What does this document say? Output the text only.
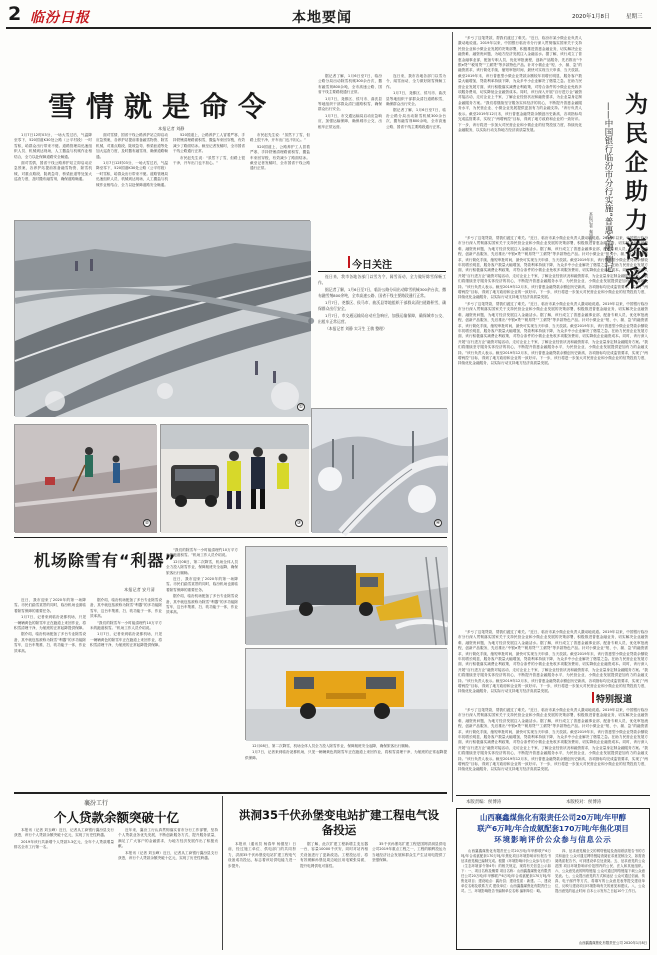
2 临汾日报	本地要闻	2020年1月8日	星期三
雪情就是命令
本报记者 刘静

1月7日12时03分，一场大雪过后，气温降至零下，520国道K30处公路（公平村段）一时雪积，给群众出行带来不便。道路管理局迅速组织人员、机械到达现场，人工撒盐与机械作业相结合，全力以赴保障道路安全畅通。

面对雪情，国省干线公路养护站立即启动应急预案，各养护站提前准备融雪物资、除雪机械，对重点路段、陡坡急弯、桥梁匝道等处加大巡查力度，及时撒布融雪剂，确保道路畅通。

面对雪情，国省干线公路养护站立即启动应急预案，各养护站提前准备融雪物资、除雪机械，对重点路段、陡坡急弯、桥梁匝道等处加大巡查力度，及时撒布融雪剂，确保道路畅通。

1月7日12时03分，一场大雪过后，气温降至零下，520国道K30处公路（公平村段）一时雪积，给群众出行带来不便。道路管理局迅速组织人员、机械到达现场，人工撒盐与机械作业相结合，全力以赴保障道路安全畅通。

520国道上，公路养护工人冒着严寒，手持铁锹清理路面积雪，撒盐车来回穿梭，有效减少了路面结冰。截至记者发稿时，全市国省干线公路通行正常。

市民赵先生说：“虽然下了雪，但路上很干净，开车出门也不担心。”

市民赵先生说：“虽然下了雪，但路上很干净，开车出门也不担心。”

520国道上，公路养护工人冒着严寒，手持铁锹清理路面积雪，撒盐车来回穿梭，有效减少了路面结冰。截至记者发稿时，全市国省干线公路通行正常。

据记者了解，1月6日至7日，临汾公路分局出动除雪机械300余台次，撒布融雪剂800余吨，全市高速公路、国省干线主要路段通行正常。

1月7日，尧都区、侯马市、曲沃县等地组织干部群众清扫道路积雪，确保群众出行安全。

1月7日，市交通运输局启动应急响应，加强运输保障，确保城市公交、出租车正常运营。

连日来，我市各地各部门以雪为令，闻雪而动，全力做好除雪保畅工作。

1月7日，尧都区、侯马市、曲沃县等地组织干部群众清扫道路积雪，确保群众出行安全。

据记者了解，1月6日至7日，临汾公路分局出动除雪机械300余台次，撒布融雪剂800余吨，全市高速公路、国省干线主要路段通行正常。

①
今日关注

连日来，我市各地各部门以雪为令，闻雪而动，全力做好除雪保畅工作。

据记者了解，1月6日至7日，临汾公路分局出动除雪机械300余台次，撒布融雪剂800余吨，全市高速公路、国省干线主要路段通行正常。

1月7日，尧都区、侯马市、曲沃县等地组织干部群众清扫道路积雪，确保群众出行安全。

1月7日，市交通运输局启动应急响应，加强运输保障，确保城市公交、出租车正常运营。

（本报记者 刘静 实习生 王敏 整理）

②	③	④
机场除雪有“利器”
本报记者 安月清

近日，我市迎来了2020年的第一场降雪。市民们踏雪赏景的同时，临汾机场也面临着除雪保障的重要任务。

1月7日，记者来到临汾尧都机场，只见一辆辆黄色的除雪车正在跑道上来回作业，将积雪清理干净，为航班的正常起降提供保障。

据介绍，临汾机场配备了多台专业除雪设备，其中就包括被称为除雪“利器”的多功能除雪车，这台车集推、扫、吹功能于一体，作业效率高。

据介绍，临汾机场配备了多台专业除雪设备，其中就包括被称为除雪“利器”的多功能除雪车，这台车集推、扫、吹功能于一体，作业效率高。

“我们的除雪车一小时能清理约10万平方米的跑道积雪。”机场工作人员介绍说。

1月7日，记者来到临汾尧都机场，只见一辆辆黄色的除雪车正在跑道上来回作业，将积雪清理干净，为航班的正常起降提供保障。

“我们的除雪车一小时能清理约10万平方米的跑道积雪。”机场工作人员介绍说。

12月08日，第二次降雪，机场全体人员全力投入除雪作业，保障航班安全起降，确保旅客出行顺畅。

近日，我市迎来了2020年的第一场降雪。市民们踏雪赏景的同时，临汾机场也面临着除雪保障的重要任务。

据介绍，临汾机场配备了多台专业除雪设备，其中就包括被称为除雪“利器”的多功能除雪车，这台车集推、扫、吹功能于一体，作业效率高。

12月08日，第二次降雪，机场全体人员全力投入除雪作业，保障航班安全起降，确保旅客出行顺畅。

1月7日，记者来到临汾尧都机场，只见一辆辆黄色的除雪车正在跑道上来回作业，将积雪清理干净，为航班的正常起降提供保障。

襄汾工行
个人贷款余额突破十亿

本报讯（记者 刘玉峰）近日，记者从工商银行襄汾县支行获悉，该行个人贷款余额突破十亿元，实现了历史性跨越。

2019年该行共新增个人贷款3.3亿元，全年个人贷款增量排名全市工行第一名。

近年来，襄汾工行认真贯彻落实省市分行工作部署，坚持个人贷款业务优先发展，不断创新服务方式，提升服务质量，满足了广大客户的金融需求，为地方经济发展作出了积极贡献。

本报讯（记者 刘玉峰）近日，记者从工商银行襄汾县支行获悉，该行个人贷款余额突破十亿元，实现了历史性跨越。

洪洞35千伏孙堡变电站扩建工程电气设备投运

本报讯（通讯员 杨春华 杨德坚）日前，经过施工单位、供电部门的共同努力，洪洞35千伏孙堡变电站扩建工程电气设备成功投运，标志着该站供电能力进一步提升。

据了解，此次扩建工程新增主变压器一台，容量10000千伏安，同时对站内相关设备进行了更新改造。工程投运后，将有效缓解孙堡及周边地区用电紧张局面，提升电网供电可靠性。

35千伏孙堡站扩建工程是国网洪洞县供电公司2019年重点工程之一，工程的顺利投运为当地经济社会发展和群众生产生活用电提供了坚强保障。

为民企助力添彩
——中国银行临汾市分行实施“普惠金融”侧记
本报记者 秦旭红

“多亏了这笔贷款，帮我们渡过了难关。”近日，临汾市某小微企业负责人激动地说道。2019年以来，中国银行临汾市分行深入贯彻落实国家关于支持民营企业和小微企业发展的决策部署，积极推进普惠金融业务，切实解决企业融资难、融资贵问题，为地方经济发展注入金融活水。据了解，该行成立了普惠金融事业部，配备专职人员，优化审批流程，创新产品服务，先后推出“中银e贷”“税易贷”“工薪贷”等多款特色产品。针对小微企业“短、小、频、急”的融资需求，该行简化手续，缩短审批时间，最快可实现当天申请、当天放款。截至2019年末，该行普惠型小微企业贷款余额较年初增长明显，服务客户数量大幅增加，贷款利率持续下降，为众多中小企业解决了燃眉之急。在助力民营企业发展方面，该行积极落实减费让利政策，对符合条件的小微企业免收多项服务费用，切实降低企业融资成本。同时，该行深入开展“百行进万企”融资对接活动，走访企业上千家，了解企业经营状况和融资需求，为企业量身定制金融服务方案。“我们将继续坚守服务实体经济的初心，不断提升普惠金融服务水平，为民营企业、小微企业发展提供更加有力的金融支持。”该行负责人表示。截至2019年12月末，该行普惠金融贷款余额创历史新高，各项指标均完成监管要求，实现了“两增两控”目标，得到了地方政府和企业的一致好评。下一步，该行将进一步加大对民营企业和小微企业的信贷投放力度，持续优化金融服务，以实际行动支持地方经济高质量发展。

“多亏了这笔贷款，帮我们渡过了难关。”近日，临汾市某小微企业负责人激动地说道。2019年以来，中国银行临汾市分行深入贯彻落实国家关于支持民营企业和小微企业发展的决策部署，积极推进普惠金融业务，切实解决企业融资难、融资贵问题，为地方经济发展注入金融活水。据了解，该行成立了普惠金融事业部，配备专职人员，优化审批流程，创新产品服务，先后推出“中银e贷”“税易贷”“工薪贷”等多款特色产品。针对小微企业“短、小、频、急”的融资需求，该行简化手续，缩短审批时间，最快可实现当天申请、当天放款。截至2019年末，该行普惠型小微企业贷款余额较年初增长明显，服务客户数量大幅增加，贷款利率持续下降，为众多中小企业解决了燃眉之急。在助力民营企业发展方面，该行积极落实减费让利政策，对符合条件的小微企业免收多项服务费用，切实降低企业融资成本。同时，该行深入开展“百行进万企”融资对接活动，走访企业上千家，了解企业经营状况和融资需求，为企业量身定制金融服务方案。“我们将继续坚守服务实体经济的初心，不断提升普惠金融服务水平，为民营企业、小微企业发展提供更加有力的金融支持。”该行负责人表示。截至2019年12月末，该行普惠金融贷款余额创历史新高，各项指标均完成监管要求，实现了“两增两控”目标，得到了地方政府和企业的一致好评。下一步，该行将进一步加大对民营企业和小微企业的信贷投放力度，持续优化金融服务，以实际行动支持地方经济高质量发展。

“多亏了这笔贷款，帮我们渡过了难关。”近日，临汾市某小微企业负责人激动地说道。2019年以来，中国银行临汾市分行深入贯彻落实国家关于支持民营企业和小微企业发展的决策部署，积极推进普惠金融业务，切实解决企业融资难、融资贵问题，为地方经济发展注入金融活水。据了解，该行成立了普惠金融事业部，配备专职人员，优化审批流程，创新产品服务，先后推出“中银e贷”“税易贷”“工薪贷”等多款特色产品。针对小微企业“短、小、频、急”的融资需求，该行简化手续，缩短审批时间，最快可实现当天申请、当天放款。截至2019年末，该行普惠型小微企业贷款余额较年初增长明显，服务客户数量大幅增加，贷款利率持续下降，为众多中小企业解决了燃眉之急。在助力民营企业发展方面，该行积极落实减费让利政策，对符合条件的小微企业免收多项服务费用，切实降低企业融资成本。同时，该行深入开展“百行进万企”融资对接活动，走访企业上千家，了解企业经营状况和融资需求，为企业量身定制金融服务方案。“我们将继续坚守服务实体经济的初心，不断提升普惠金融服务水平，为民营企业、小微企业发展提供更加有力的金融支持。”该行负责人表示。截至2019年12月末，该行普惠金融贷款余额创历史新高，各项指标均完成监管要求，实现了“两增两控”目标，得到了地方政府和企业的一致好评。下一步，该行将进一步加大对民营企业和小微企业的信贷投放力度，持续优化金融服务，以实际行动支持地方经济高质量发展。

“多亏了这笔贷款，帮我们渡过了难关。”近日，临汾市某小微企业负责人激动地说道。2019年以来，中国银行临汾市分行深入贯彻落实国家关于支持民营企业和小微企业发展的决策部署，积极推进普惠金融业务，切实解决企业融资难、融资贵问题，为地方经济发展注入金融活水。据了解，该行成立了普惠金融事业部，配备专职人员，优化审批流程，创新产品服务，先后推出“中银e贷”“税易贷”“工薪贷”等多款特色产品。针对小微企业“短、小、频、急”的融资需求，该行简化手续，缩短审批时间，最快可实现当天申请、当天放款。截至2019年末，该行普惠型小微企业贷款余额较年初增长明显，服务客户数量大幅增加，贷款利率持续下降，为众多中小企业解决了燃眉之急。在助力民营企业发展方面，该行积极落实减费让利政策，对符合条件的小微企业免收多项服务费用，切实降低企业融资成本。同时，该行深入开展“百行进万企”融资对接活动，走访企业上千家，了解企业经营状况和融资需求，为企业量身定制金融服务方案。“我们将继续坚守服务实体经济的初心，不断提升普惠金融服务水平，为民营企业、小微企业发展提供更加有力的金融支持。”该行负责人表示。截至2019年12月末，该行普惠金融贷款余额创历史新高，各项指标均完成监管要求，实现了“两增两控”目标，得到了地方政府和企业的一致好评。下一步，该行将进一步加大对民营企业和小微企业的信贷投放力度，持续优化金融服务，以实际行动支持地方经济高质量发展。

特别报道

“多亏了这笔贷款，帮我们渡过了难关。”近日，临汾市某小微企业负责人激动地说道。2019年以来，中国银行临汾市分行深入贯彻落实国家关于支持民营企业和小微企业发展的决策部署，积极推进普惠金融业务，切实解决企业融资难、融资贵问题，为地方经济发展注入金融活水。据了解，该行成立了普惠金融事业部，配备专职人员，优化审批流程，创新产品服务，先后推出“中银e贷”“税易贷”“工薪贷”等多款特色产品。针对小微企业“短、小、频、急”的融资需求，该行简化手续，缩短审批时间，最快可实现当天申请、当天放款。截至2019年末，该行普惠型小微企业贷款余额较年初增长明显，服务客户数量大幅增加，贷款利率持续下降，为众多中小企业解决了燃眉之急。在助力民营企业发展方面，该行积极落实减费让利政策，对符合条件的小微企业免收多项服务费用，切实降低企业融资成本。同时，该行深入开展“百行进万企”融资对接活动，走访企业上千家，了解企业经营状况和融资需求，为企业量身定制金融服务方案。“我们将继续坚守服务实体经济的初心，不断提升普惠金融服务水平，为民营企业、小微企业发展提供更加有力的金融支持。”该行负责人表示。截至2019年12月末，该行普惠金融贷款余额创历史新高，各项指标均完成监管要求，实现了“两增两控”目标，得到了地方政府和企业的一致好评。下一步，该行将进一步加大对民营企业和小微企业的信贷投放力度，持续优化金融服务，以实际行动支持地方经济高质量发展。

本版责编：侯博涛	本版校对：侯博涛
山西襄鑫煤焦化有限责任公司20万吨/年甲醇
联产6万吨/年合成氨配套170万吨/年焦化项目
环境影响评价公众参与信息公示

山西襄鑫煤焦化有限责任公司20万吨/年甲醇联产6万吨/年合成氨配套170万吨/年焦化项目环境影响评价报告书征求意见稿已编制完成。根据《环境影响评价公众参与办法》（生态环境部令第4号）的相关规定，现将有关信息公示如下：一、项目名称及概要 项目名称：山西襄鑫煤焦化有限责任公司20万吨/年甲醇联产6万吨/年合成氨配套170万吨/年焦化项目；建设地点：襄汾县；建设性质：新建。二、建设单位名称及联系方式 建设单位：山西襄鑫煤焦化有限责任公司。三、环境影响报告书编制单位名称 编制单位：略。

四、征求意见稿全文的网络链接及查阅纸质报告书的方式和途径 公众可通过网络链接查阅征求意见稿全文，如需查阅纸质报告书，可到建设单位处查阅。五、征求意见的公众范围 项目环境影响评价范围内的公民、法人和其他组织。六、公众意见表的网络链接 公众可通过网络链接下载公众意见表。七、公众提出意见的方式和途径 公众可通过信函、传真、电子邮件等方式，将填写的公众意见表等提交建设单位，反映与建设项目环境影响有关的意见和建议。八、公众提出意见的起止时间 自本公示发布之日起10个工作日。

山西襄鑫煤焦化有限责任公司 2020年1月8日
